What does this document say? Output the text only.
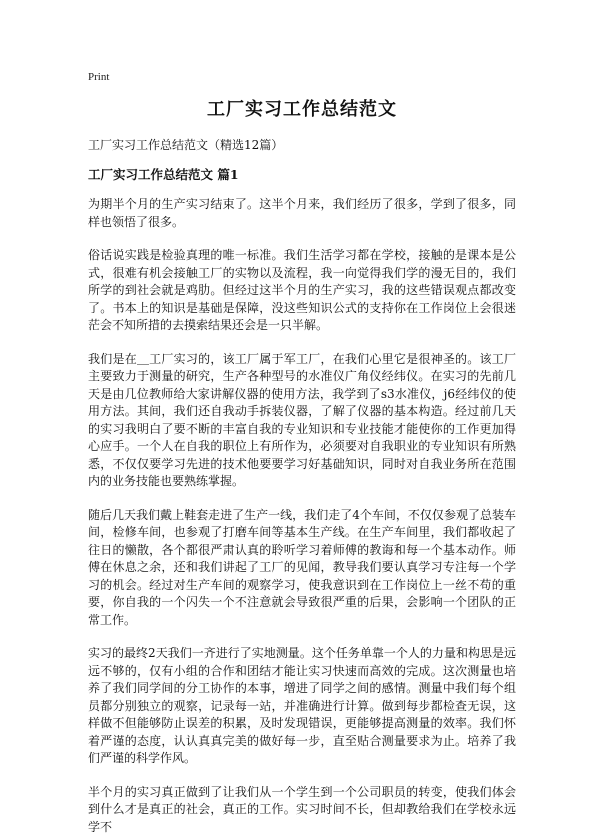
Print
工厂实习工作总结范文
工厂实习工作总结范文（精选12篇）
工厂实习工作总结范文 篇1

为期半个月的生产实习结束了。这半个月来，我们经历了很多，学到了很多，同样也领悟了很多。

俗话说实践是检验真理的唯一标准。我们生活学习都在学校，接触的是课本是公式，很难有机会接触工厂的实物以及流程，我一向觉得我们学的漫无目的，我们所学的到社会就是鸡肋。但经过这半个月的生产实习，我的这些错误观点都改变了。书本上的知识是基础是保障，没这些知识公式的支持你在工作岗位上会很迷茫会不知所措的去摸索结果还会是一只半解。

我们是在＿工厂实习的，该工厂属于军工厂，在我们心里它是很神圣的。该工厂主要致力于测量的研究，生产各种型号的水准仪广角仪经纬仪。在实习的先前几天是由几位教师给大家讲解仪器的使用方法，我学到了s3水准仪，j6经纬仪的使用方法。其间，我们还自我动手拆装仪器，了解了仪器的基本构造。经过前几天的实习我明白了要不断的丰富自我的专业知识和专业技能才能使你的工作更加得心应手。一个人在自我的职位上有所作为，必须要对自我职业的专业知识有所熟悉，不仅仅要学习先进的技术他要要学习好基础知识，同时对自我业务所在范围内的业务技能也要熟练掌握。

随后几天我们戴上鞋套走进了生产一线，我们走了4个车间，不仅仅参观了总装车间，检修车间，也参观了打磨车间等基本生产线。在生产车间里，我们都收起了往日的懒散，各个都很严肃认真的聆听学习着师傅的教诲和每一个基本动作。师傅在休息之余，还和我们讲起了工厂的见闻，教导我们要认真学习专注每一个学习的机会。经过对生产车间的观察学习，使我意识到在工作岗位上一丝不苟的重要，你自我的一个闪失一个不注意就会导致很严重的后果，会影响一个团队的正常工作。

实习的最终2天我们一齐进行了实地测量。这个任务单靠一个人的力量和构思是远远不够的，仅有小组的合作和团结才能让实习快速而高效的完成。这次测量也培养了我们同学间的分工协作的本事，增进了同学之间的感情。测量中我们每个组员都分别独立的观察，记录每一站，并准确进行计算。做到每步都检查无误，这样做不但能够防止误差的积累，及时发现错误，更能够提高测量的效率。我们怀着严谨的态度，认认真真完美的做好每一步，直至贴合测量要求为止。培养了我们严谨的科学作风。

半个月的实习真正做到了让我们从一个学生到一个公司职员的转变，使我们体会到什么才是真正的社会，真正的工作。实习时间不长，但却教给我们在学校永远学不
